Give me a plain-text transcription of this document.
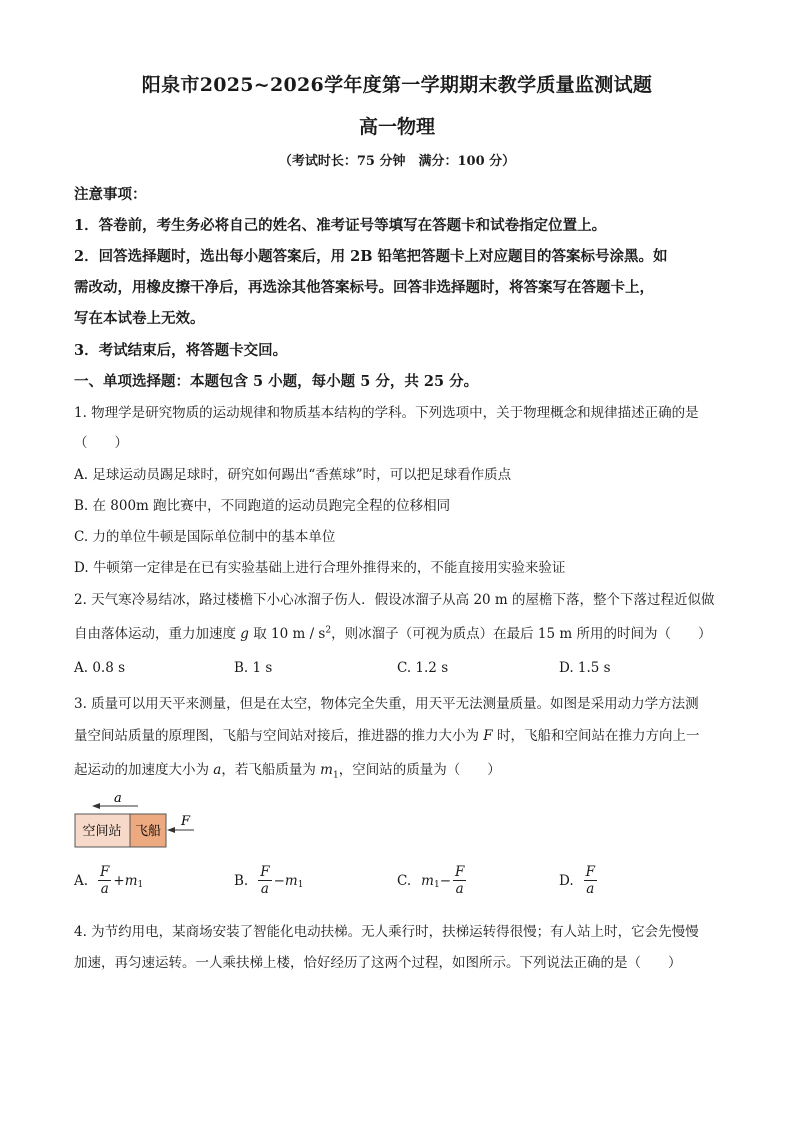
阳泉市2025~2026学年度第一学期期末教学质量监测试题
高一物理
（考试时长：75 分钟　满分：100 分）
注意事项：
1．答卷前，考生务必将自己的姓名、准考证号等填写在答题卡和试卷指定位置上。
2．回答选择题时，选出每小题答案后，用 2B 铅笔把答题卡上对应题目的答案标号涂黑。如
需改动，用橡皮擦干净后，再选涂其他答案标号。回答非选择题时，将答案写在答题卡上，
写在本试卷上无效。
3．考试结束后，将答题卡交回。
一、单项选择题：本题包含 5 小题，每小题 5 分，共 25 分。
1. 物理学是研究物质的运动规律和物质基本结构的学科。下列选项中，关于物理概念和规律描述正确的是
（　　）
A. 足球运动员踢足球时，研究如何踢出“香蕉球”时，可以把足球看作质点
B. 在 800m 跑比赛中，不同跑道的运动员跑完全程的位移相同
C. 力的单位牛顿是国际单位制中的基本单位
D. 牛顿第一定律是在已有实验基础上进行合理外推得来的，不能直接用实验来验证
2. 天气寒冷易结冰，路过楼檐下小心冰溜子伤人．假设冰溜子从高 20 m 的屋檐下落，整个下落过程近似做
自由落体运动，重力加速度 g 取 10 m / $s^2$，则冰溜子（可视为质点）在最后 15 m 所用的时间为（　　）
A. 0.8 s	B. 1 s	C. 1.2 s	D. 1.5 s
3. 质量可以用天平来测量，但是在太空，物体完全失重，用天平无法测量质量。如图是采用动力学方法测
量空间站质量的原理图，飞船与空间站对接后，推进器的推力大小为 F 时，飞船和空间站在推力方向上一
起运动的加速度大小为 a，若飞船质量为 $m_1$，空间站的质量为（　　）
a
空间站 飞船
F
A. $\frac{F}{a} + m_1$	B. $\frac{F}{a} - m_1$	C. $m_1 - \frac{F}{a}$	D. $\frac{F}{a}$
4. 为节约用电，某商场安装了智能化电动扶梯。无人乘行时，扶梯运转得很慢；有人站上时，它会先慢慢
加速，再匀速运转。一人乘扶梯上楼，恰好经历了这两个过程，如图所示。下列说法正确的是（　　）
